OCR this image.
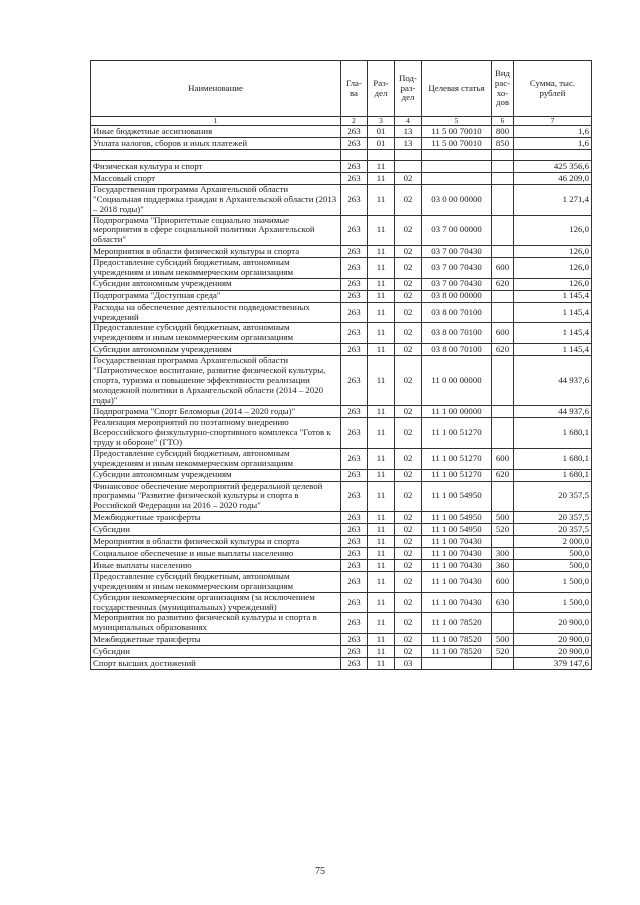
Наименование	Гла-ва	Раз-дел	Под-раз-дел	Целевая статья	Вид рас-хо-дов	Сумма, тыс. рублей
1	2	3	4	5	6	7
Иные бюджетные ассигнования	263	01	13	11 5 00 70010	800	1,6
Уплата налогов, сборов и иных платежей	263	01	13	11 5 00 70010	850	1,6

Физическая культура и спорт	263	11				425 356,6
Массовый спорт	263	11	02			46 209,0
Государственная программа Архангельской области "Социальная поддержка граждан в Архангельской области (2013 – 2018 годы)"	263	11	02	03 0 00 00000		1 271,4
Подпрограмма "Приоритетные социально значимые мероприятия в сфере социальной политики Архангельской области"	263	11	02	03 7 00 00000		126,0
Мероприятия в области физической культуры и спорта	263	11	02	03 7 00 70430		126,0
Предоставление субсидий бюджетным, автономным учреждениям и иным некоммерческим организациям	263	11	02	03 7 00 70430	600	126,0
Субсидии автономным учреждениям	263	11	02	03 7 00 70430	620	126,0
Подпрограмма "Доступная среда"	263	11	02	03 8 00 00000		1 145,4
Расходы на обеспечение деятельности подведомственных учреждений	263	11	02	03 8 00 70100		1 145,4
Предоставление субсидий бюджетным, автономным учреждениям и иным некоммерческим организациям	263	11	02	03 8 00 70100	600	1 145,4
Субсидии автономным учреждениям	263	11	02	03 8 00 70100	620	1 145,4
Государственная программа Архангельской области "Патриотическое воспитание, развитие физической культуры, спорта, туризма и повышение эффективности реализации молодежной политики в Архангельской области (2014 – 2020 годы)"	263	11	02	11 0 00 00000		44 937,6
Подпрограмма "Спорт Беломорья (2014 – 2020 годы)"	263	11	02	11 1 00 00000		44 937,6
Реализация мероприятий по поэтапному внедрению Всероссийского физкультурно-спортивного комплекса "Готов к труду и обороне" (ГТО)	263	11	02	11 1 00 51270		1 680,1
Предоставление субсидий бюджетным, автономным учреждениям и иным некоммерческим организациям	263	11	02	11 1 00 51270	600	1 680,1
Субсидии автономным учреждениям	263	11	02	11 1 00 51270	620	1 680,1
Финансовое обеспечение мероприятий федеральной целевой программы "Развитие физической культуры и спорта в Российской Федерации на 2016 – 2020 годы"	263	11	02	11 1 00 54950		20 357,5
Межбюджетные трансферты	263	11	02	11 1 00 54950	500	20 357,5
Субсидии	263	11	02	11 1 00 54950	520	20 357,5
Мероприятия в области физической культуры и спорта	263	11	02	11 1 00 70430		2 000,0
Социальное обеспечение и иные выплаты населению	263	11	02	11 1 00 70430	300	500,0
Иные выплаты населению	263	11	02	11 1 00 70430	360	500,0
Предоставление субсидий бюджетным, автономным учреждениям и иным некоммерческим организациям	263	11	02	11 1 00 70430	600	1 500,0
Субсидии некоммерческим организациям (за исключением государственных (муниципальных) учреждений)	263	11	02	11 1 00 70430	630	1 500,0
Мероприятия по развитию физической культуры и спорта в муниципальных образованиях	263	11	02	11 1 00 78520		20 900,0
Межбюджетные трансферты	263	11	02	11 1 00 78520	500	20 900,0
Субсидии	263	11	02	11 1 00 78520	520	20 900,0
Спорт высших достижений	263	11	03			379 147,6
75
